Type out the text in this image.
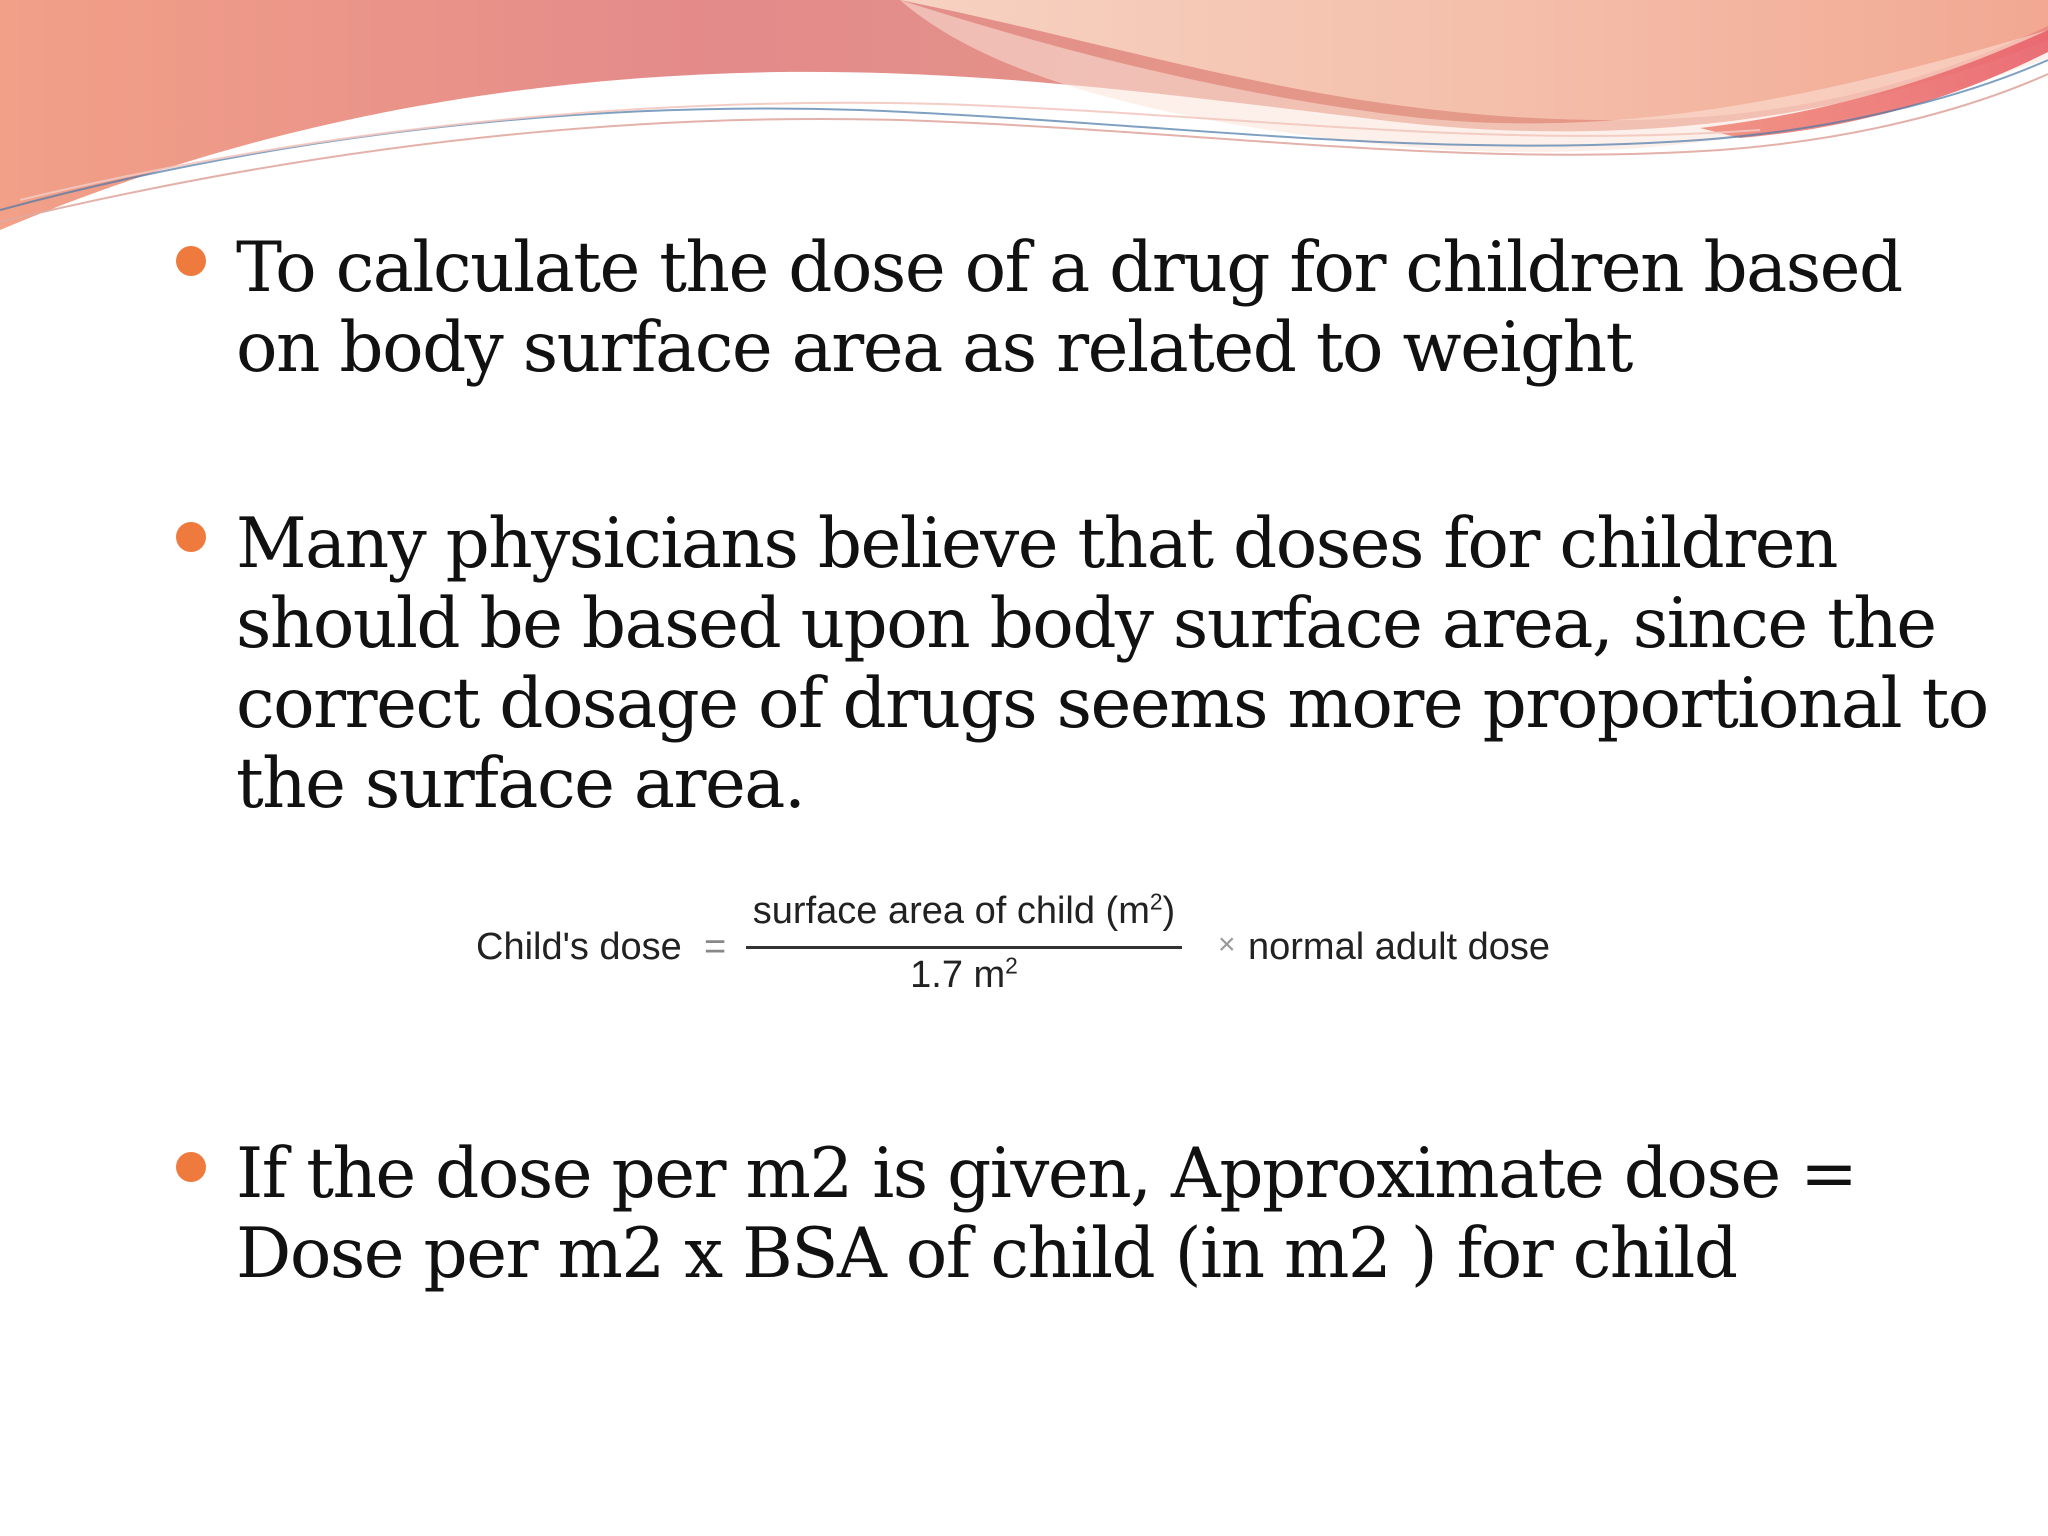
To calculate the dose of a drug for children based
on body surface area as related to weight
Many physicians believe that doses for children
should be based upon body surface area, since the
correct dosage of drugs seems more proportional to
the surface area.
If the dose per m2 is given, Approximate dose =
Dose per m2 x BSA of child (in m2 ) for child
Child's dose =
surface area of child $(m^2)$
1.7 $m^2$
× normal adult dose
